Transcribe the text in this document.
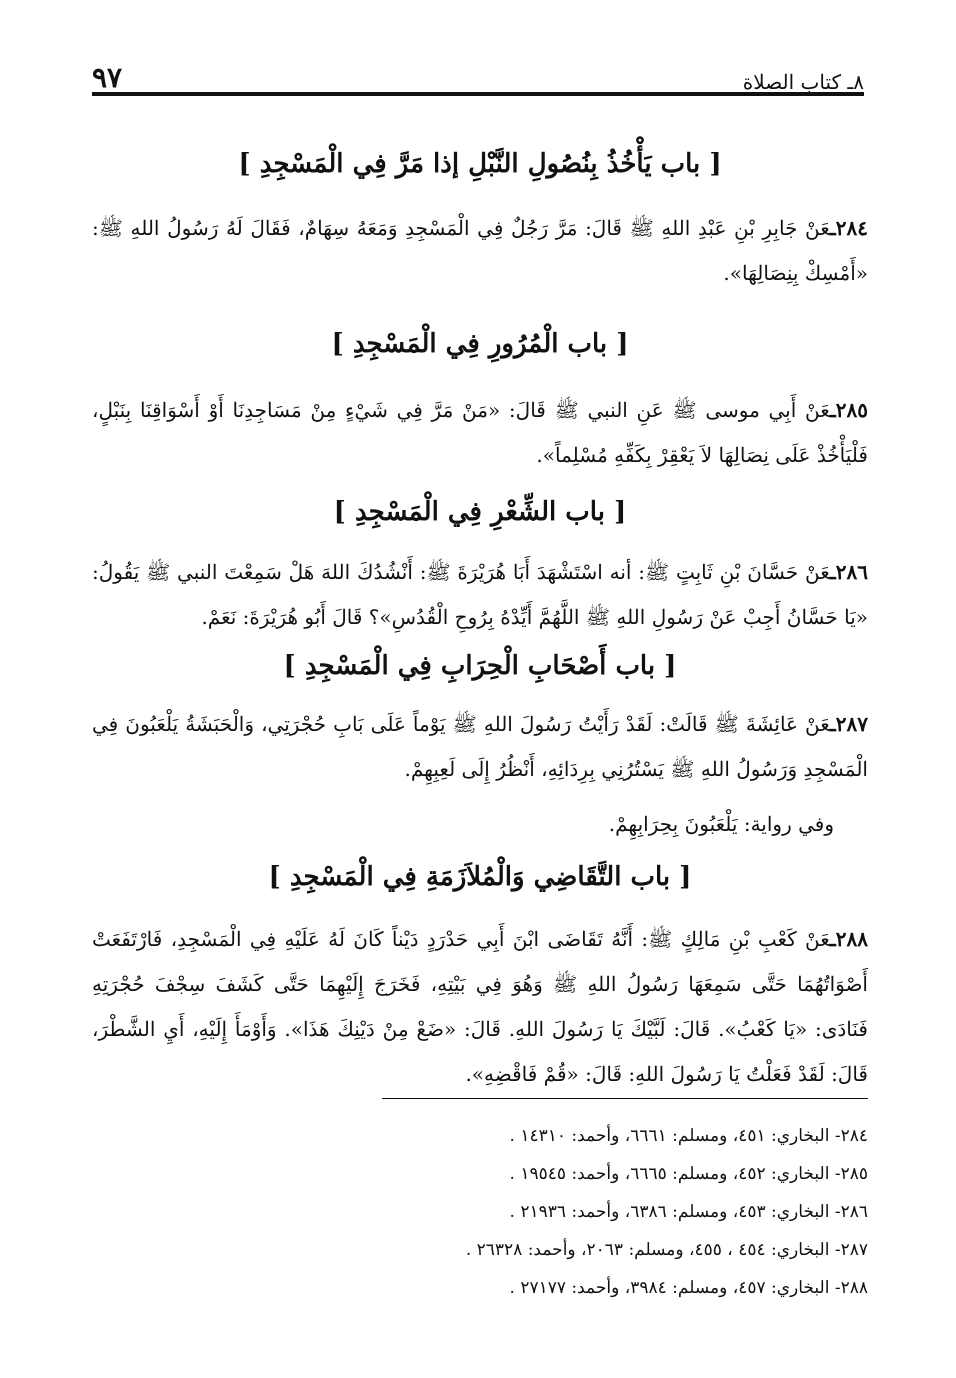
٨ـ كتاب الصلاة
٩٧
[ باب يَأْخُذُ بِنُصُولِ النَّبْلِ إذا مَرَّ فِي الْمَسْجِدِ ]

٢٨٤ـعَنْ جَابِرِ بْنِ عَبْدِ اللهِ ﷺ قَالَ: مَرَّ رَجُلٌ فِي الْمَسْجِدِ وَمَعَهُ سِهَامٌ، فَقَالَ لَهُ رَسُولُ اللهِ ﷺ: «أَمْسِكْ بِنِصَالِهَا».

[ باب الْمُرُورِ فِي الْمَسْجِدِ ]

٢٨٥ـعَنْ أَبِي موسى ﷺ عَنِ النبي ﷺ قَالَ: «مَنْ مَرَّ فِي شَيْءٍ مِنْ مَسَاجِدِنَا أَوْ أَسْوَاقِنَا بِنَبْلٍ، فَلْيَأْخُذْ عَلَى نِصَالِهَا لاَ يَعْقِرْ بِكَفِّهِ مُسْلِماً».

[ باب الشِّعْرِ فِي الْمَسْجِدِ ]

٢٨٦ـعَنْ حَسَّانَ بْنِ ثَابِتٍ ﷺ: أنه اسْتَشْهَدَ أَبَا هُرَيْرَةَ ﷺ: أَنْشُدُكَ اللهَ هَلْ سَمِعْتَ النبي ﷺ يَقُولُ: «يَا حَسَّانُ أَجِبْ عَنْ رَسُولِ اللهِ ﷺ اللَّهُمَّ أَيِّدْهُ بِرُوحِ الْقُدُسِ»؟ قَالَ أَبُو هُرَيْرَةَ: نَعَمْ.

[ باب أَصْحَابِ الْحِرَابِ فِي الْمَسْجِدِ ]

٢٨٧ـعَنْ عَائِشَةَ ﷺ قَالَتْ: لَقَدْ رَأَيْتُ رَسُولَ اللهِ ﷺ يَوْماً عَلَى بَابِ حُجْرَتِي، وَالْحَبَشَةُ يَلْعَبُونَ فِي الْمَسْجِدِ وَرَسُولُ اللهِ ﷺ يَسْتُرُنِي بِرِدَائِهِ، أَنْظُرُ إِلَى لَعِبِهِمْ.

وفي رواية: يَلْعَبُونَ بِحِرَابِهِمْ.

[ باب التَّقَاضِي وَالْمُلاَزَمَةِ فِي الْمَسْجِدِ ]

٢٨٨ـعَنْ كَعْبِ بْنِ مَالِكٍ ﷺ: أَنَّهُ تَقَاضَى ابْنَ أَبِي حَدْرَدٍ دَيْناً كَانَ لَهُ عَلَيْهِ فِي الْمَسْجِدِ، فَارْتَفَعَتْ أَصْوَاتُهُمَا حَتَّى سَمِعَهَا رَسُولُ اللهِ ﷺ وَهُوَ فِي بَيْتِهِ، فَخَرَجَ إِلَيْهِمَا حَتَّى كَشَفَ سِجْفَ حُجْرَتِهِ فَنَادَى: «يَا كَعْبُ». قَالَ: لَبَّيْكَ يَا رَسُولَ اللهِ. قَالَ: «ضَعْ مِنْ دَيْنِكَ هَذَا». وَأَوْمَأَ إِلَيْهِ، أَيِ الشَّطْرَ، قَالَ: لَقَدْ فَعَلْتُ يَا رَسُولَ اللهِ: قَالَ: «قُمْ فَاقْضِهِ».

٢٨٤- البخاري: ٤٥١، ومسلم: ٦٦٦١، وأحمد: ١٤٣١٠ .

٢٨٥- البخاري: ٤٥٢، ومسلم: ٦٦٦٥، وأحمد: ١٩٥٤٥ .

٢٨٦- البخاري: ٤٥٣، ومسلم: ٦٣٨٦، وأحمد: ٢١٩٣٦ .

٢٨٧- البخاري: ٤٥٤ ، ٤٥٥، ومسلم: ٢٠٦٣، وأحمد: ٢٦٣٢٨ .

٢٨٨- البخاري: ٤٥٧، ومسلم: ٣٩٨٤، وأحمد: ٢٧١٧٧ .
